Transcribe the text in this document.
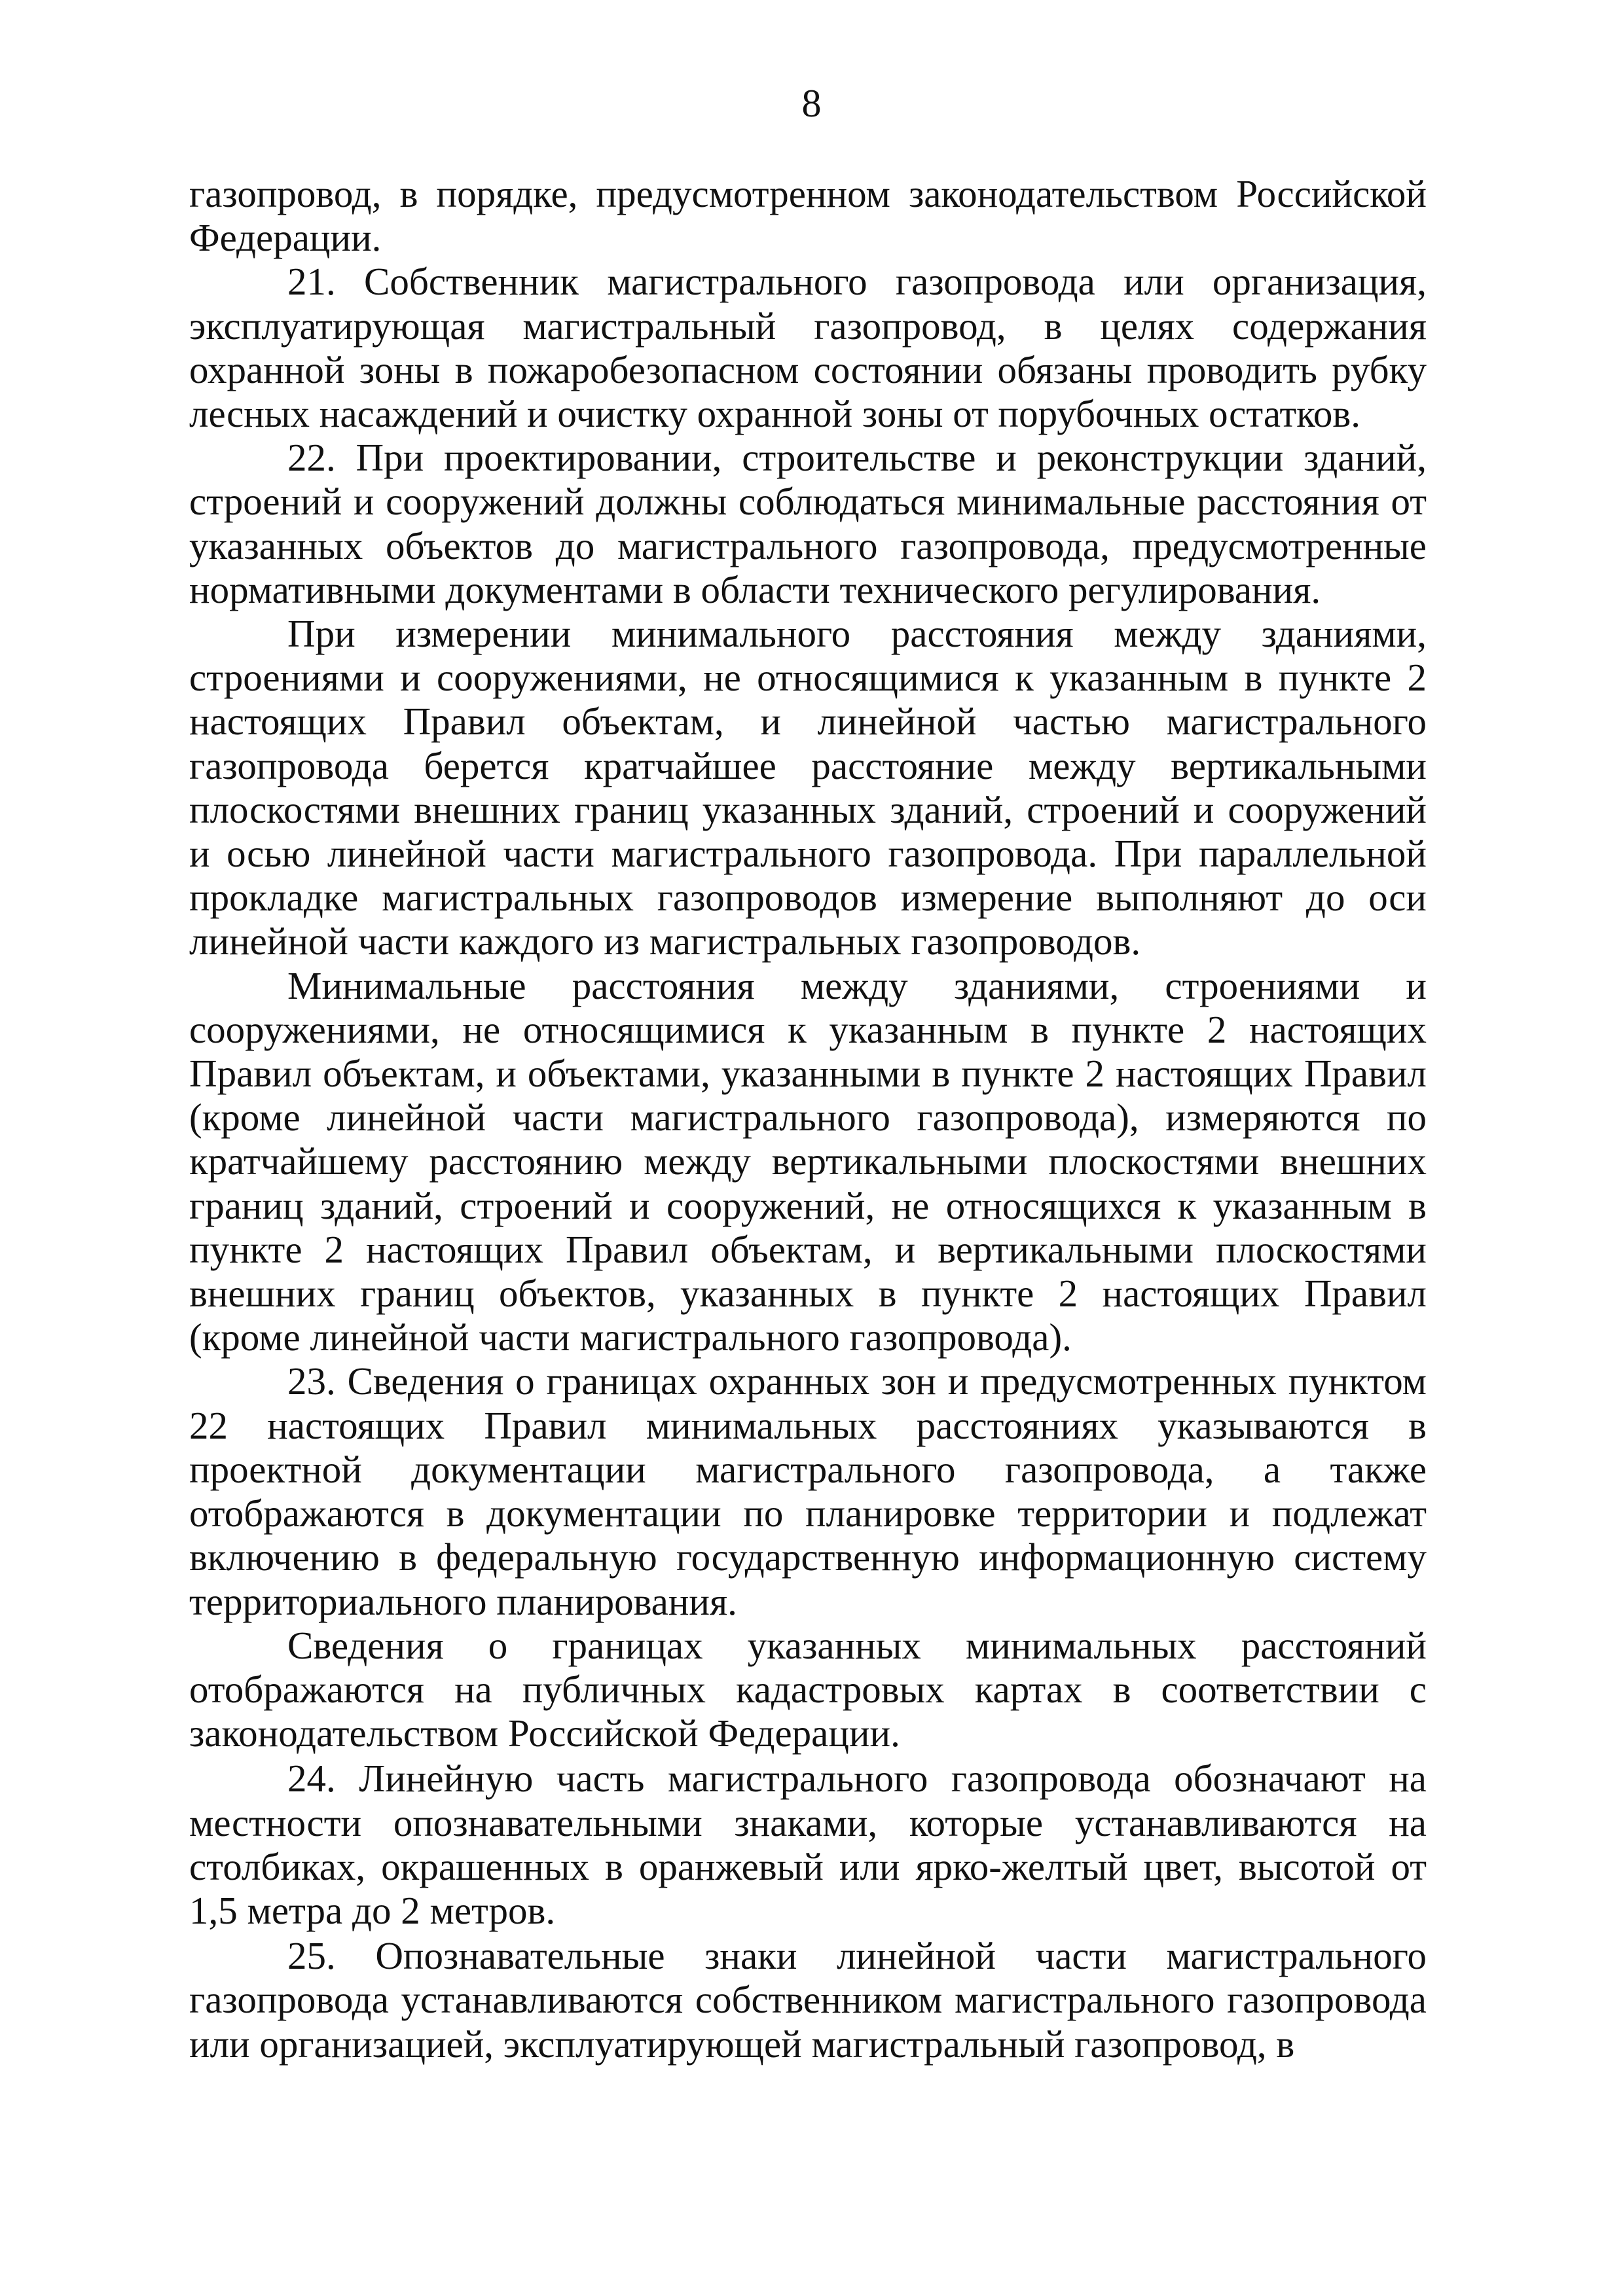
8

газопровод, в порядке, предусмотренном законодательством Российской Федерации.

21. Собственник магистрального газопровода или организация, эксплуатирующая магистральный газопровод, в целях содержания охранной зоны в пожаробезопасном состоянии обязаны проводить рубку лесных насаждений и очистку охранной зоны от порубочных остатков.

22. При проектировании, строительстве и реконструкции зданий, строений и сооружений должны соблюдаться минимальные расстояния от указанных объектов до магистрального газопровода, предусмотренные нормативными документами в области технического регулирования.

При измерении минимального расстояния между зданиями, строениями и сооружениями, не относящимися к указанным в пункте 2 настоящих Правил объектам, и линейной частью магистрального газопровода берется кратчайшее расстояние между вертикальными плоскостями внешних границ указанных зданий, строений и сооружений и осью линейной части магистрального газопровода. При параллельной прокладке магистральных газопроводов измерение выполняют до оси линейной части каждого из магистральных газопроводов.

Минимальные расстояния между зданиями, строениями и сооружениями, не относящимися к указанным в пункте 2 настоящих Правил объектам, и объектами, указанными в пункте 2 настоящих Правил (кроме линейной части магистрального газопровода), измеряются по кратчайшему расстоянию между вертикальными плоскостями внешних границ зданий, строений и сооружений, не относящихся к указанным в пункте 2 настоящих Правил объектам, и вертикальными плоскостями внешних границ объектов, указанных в пункте 2 настоящих Правил (кроме линейной части магистрального газопровода).

23. Сведения о границах охранных зон и предусмотренных пунктом 22 настоящих Правил минимальных расстояниях указываются в проектной документации магистрального газопровода, а также отображаются в документации по планировке территории и подлежат включению в федеральную государственную информационную систему территориального планирования.

Сведения о границах указанных минимальных расстояний отображаются на публичных кадастровых картах в соответствии с законодательством Российской Федерации.

24. Линейную часть магистрального газопровода обозначают на местности опознавательными знаками, которые устанавливаются на столбиках, окрашенных в оранжевый или ярко-желтый цвет, высотой от 1,5 метра до 2 метров.

25. Опознавательные знаки линейной части магистрального газопровода устанавливаются собственником магистрального газопровода или организацией, эксплуатирующей магистральный газопровод, в
